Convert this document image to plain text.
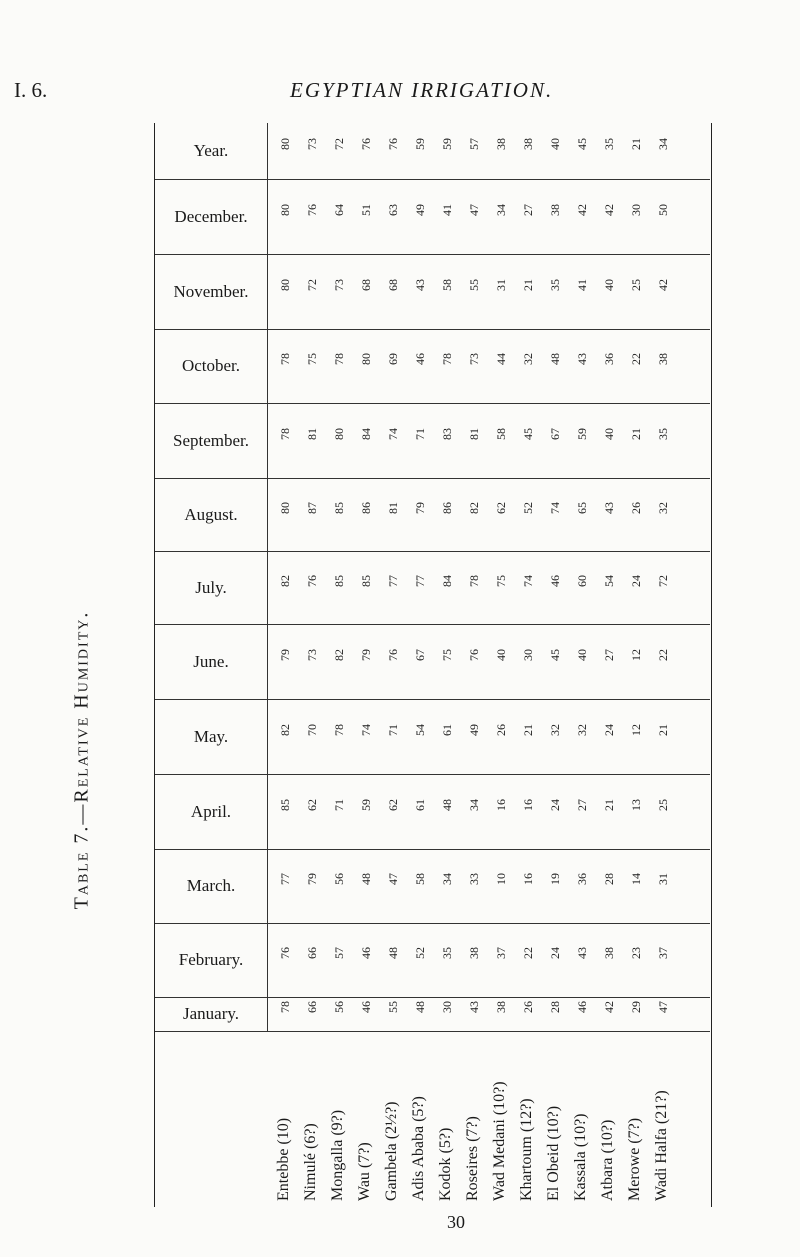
I. 6.	EGYPTIAN IRRIGATION.
Table 7.—Relative Humidity.
Year.	80 73 72 76 76 59 59 57 38 38 40 45 35 21 34
December.	80 76 64 51 63 49 41 47 34 27 38 42 42 30 50
November.	80 72 73 68 68 43 58 55 31 21 35 41 40 25 42
October.	78 75 78 80 69 46 78 73 44 32 48 43 36 22 38
September.	78 81 80 84 74 71 83 81 58 45 67 59 40 21 35
August.	80 87 85 86 81 79 86 82 62 52 74 65 43 26 32
July.	82 76 85 85 77 77 84 78 75 74 46 60 54 24 72
June.	79 73 82 79 76 67 75 76 40 30 45 40 27 12 22
May.	82 70 78 74 71 54 61 49 26 21 32 32 24 12 21
April.	85 62 71 59 62 61 48 34 16 16 24 27 21 13 25
March.	77 79 56 48 47 58 34 33 10 16 19 36 28 14 31
February.	76 66 57 46 48 52 35 38 37 22 24 43 38 23 37
January.	78 66 56 46 55 48 30 43 38 26 28 46 42 29 47
Entebbe (10) Nimulé (6?) Mongalla (9?) Wau (7?) Gambela (2½?) Adis Ababa (5?) Kodok (5?) Roseires (7?) Wad Medani (10?) Khartoum (12?) El Obeid (10?) Kassala (10?) Atbara (10?) Merowe (7?) Wadi Halfa (21?)
30
